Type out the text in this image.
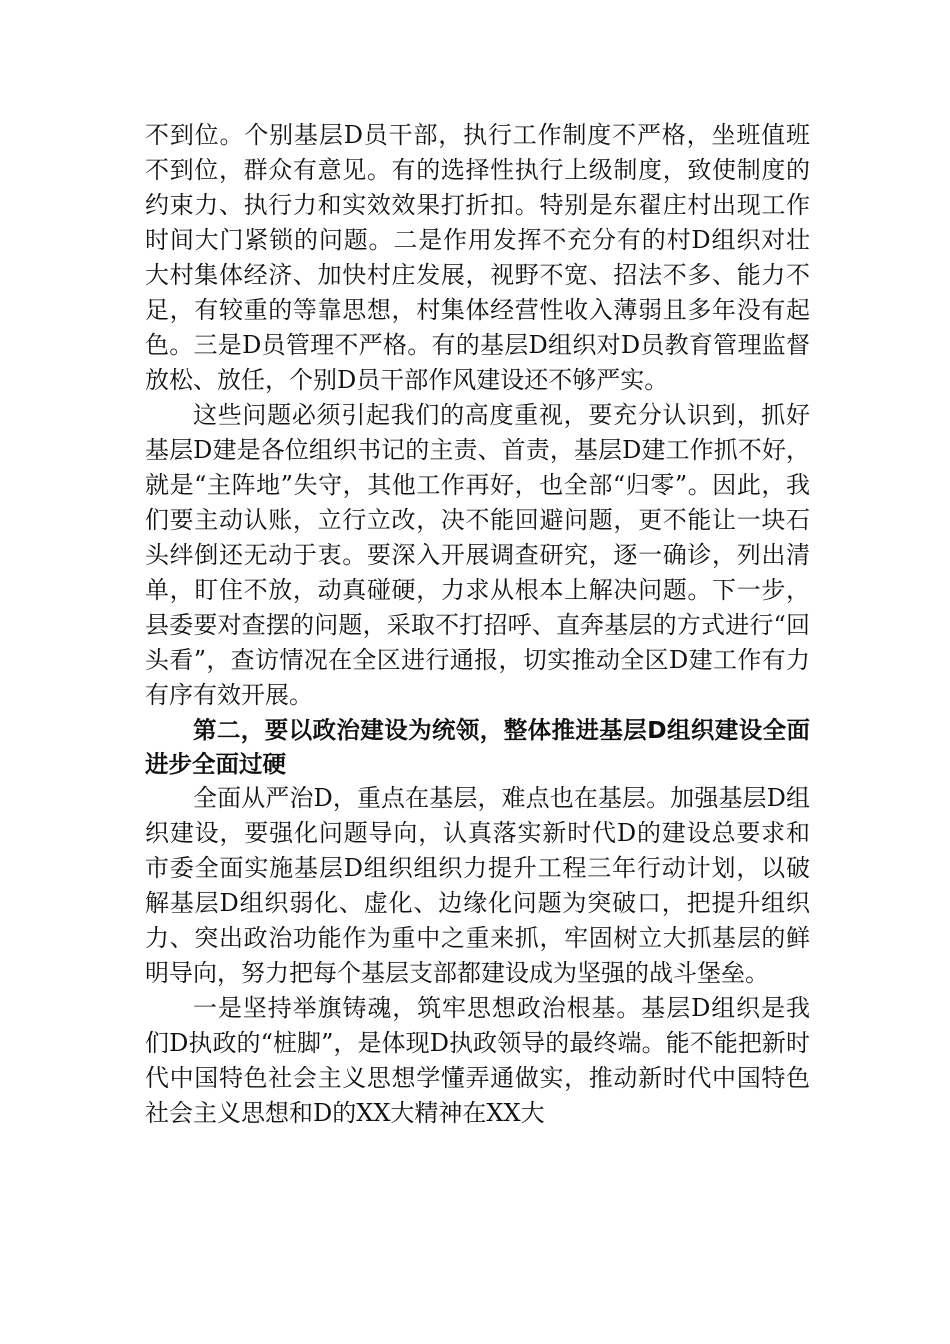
不到位。个别基层D员干部，执行工作制度不严格，坐班值班不到位，群众有意见。有的选择性执行上级制度，致使制度的约束力、执行力和实效效果打折扣。特别是东翟庄村出现工作时间大门紧锁的问题。二是作用发挥不充分有的村D组织对壮大村集体经济、加快村庄发展，视野不宽、招法不多、能力不足，有较重的等靠思想，村集体经营性收入薄弱且多年没有起色。三是D员管理不严格。有的基层D组织对D员教育管理监督放松、放任，个别D员干部作风建设还不够严实。

这些问题必须引起我们的高度重视，要充分认识到，抓好基层D建是各位组织书记的主责、首责，基层D建工作抓不好，就是“主阵地”失守，其他工作再好，也全部“归零”。因此，我们要主动认账，立行立改，决不能回避问题，更不能让一块石头绊倒还无动于衷。要深入开展调查研究，逐一确诊，列出清单，盯住不放，动真碰硬，力求从根本上解决问题。下一步，县委要对查摆的问题，采取不打招呼、直奔基层的方式进行“回头看”，查访情况在全区进行通报，切实推动全区D建工作有力有序有效开展。

第二，要以政治建设为统领，整体推进基层D组织建设全面进步全面过硬

全面从严治D，重点在基层，难点也在基层。加强基层D组织建设，要强化问题导向，认真落实新时代D的建设总要求和市委全面实施基层D组织组织力提升工程三年行动计划，以破解基层D组织弱化、虚化、边缘化问题为突破口，把提升组织力、突出政治功能作为重中之重来抓，牢固树立大抓基层的鲜明导向，努力把每个基层支部都建设成为坚强的战斗堡垒。

一是坚持举旗铸魂，筑牢思想政治根基。基层D组织是我们D执政的“桩脚”，是体现D执政领导的最终端。能不能把新时代中国特色社会主义思想学懂弄通做实，推动新时代中国特色社会主义思想和D的XX大精神在XX大
